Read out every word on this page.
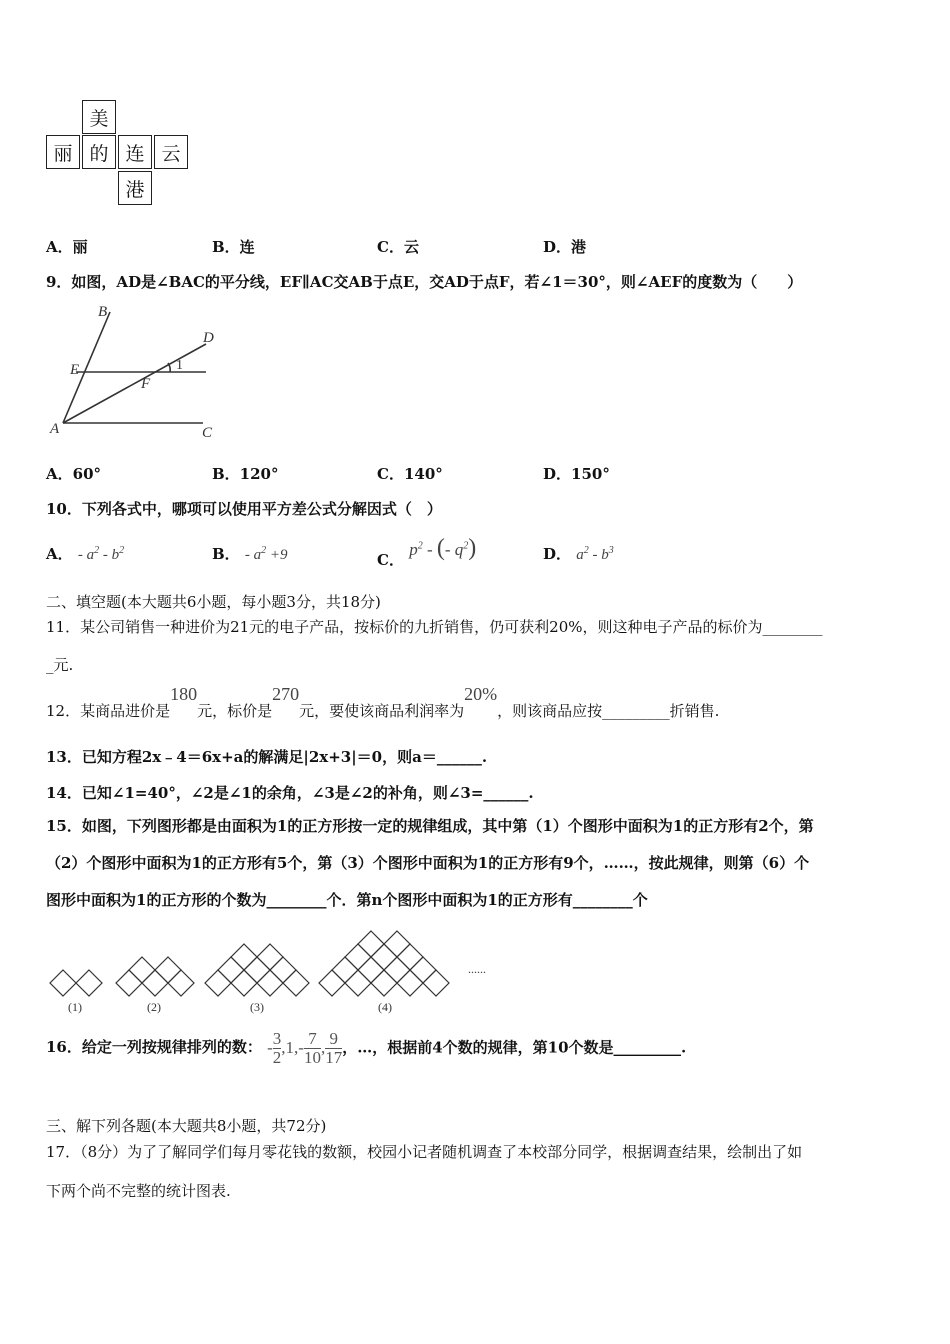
美
丽 的 连 云
港
A．丽	B．连	C．云	D．港
9．如图，AD是∠BAC的平分线，EF∥AC交AB于点E，交AD于点F，若∠1＝30°，则∠AEF的度数为（　　）
B
D
E
F
1
A	C
A．60°	B．120°	C．140°	D．150°
10．下列各式中，哪项可以使用平方差公式分解因式（　）
A． - $a^2 - b^2$	B． - $a^2 +9$	C． $p^2$ - (- $q^2$)	D． $a^2 - b^3$
二、填空题(本大题共6小题，每小题3分，共18分)
11．某公司销售一种进价为21元的电子产品，按标价的九折销售，仍可获利20%，则这种电子产品的标价为________
_元.
12．某商品进价是180元，标价是270元，要使该商品利润率为20%，则该商品应按_________折销售.
13．已知方程2x﹣4＝6x+a的解满足|2x+3|＝0，则a＝______.
14．已知∠1=40°，∠2是∠1的余角，∠3是∠2的补角，则∠3=______.
15．如图，下列图形都是由面积为1的正方形按一定的规律组成，其中第（1）个图形中面积为1的正方形有2个，第
（2）个图形中面积为1的正方形有5个，第（3）个图形中面积为1的正方形有9个，……，按此规律，则第（6）个
图形中面积为1的正方形的个数为________个．第n个图形中面积为1的正方形有________个
(1)	(2)	(3)	(4)
......
16．给定一列按规律排列的数： - $\frac{3}{2} ,1,- \frac{7}{10}$ , $\frac{9}{17}$ ，…，根据前4个数的规律，第10个数是_________.
三、解下列各题(本大题共8小题，共72分)
17．（8分）为了了解同学们每月零花钱的数额，校园小记者随机调查了本校部分同学，根据调查结果，绘制出了如
下两个尚不完整的统计图表.
